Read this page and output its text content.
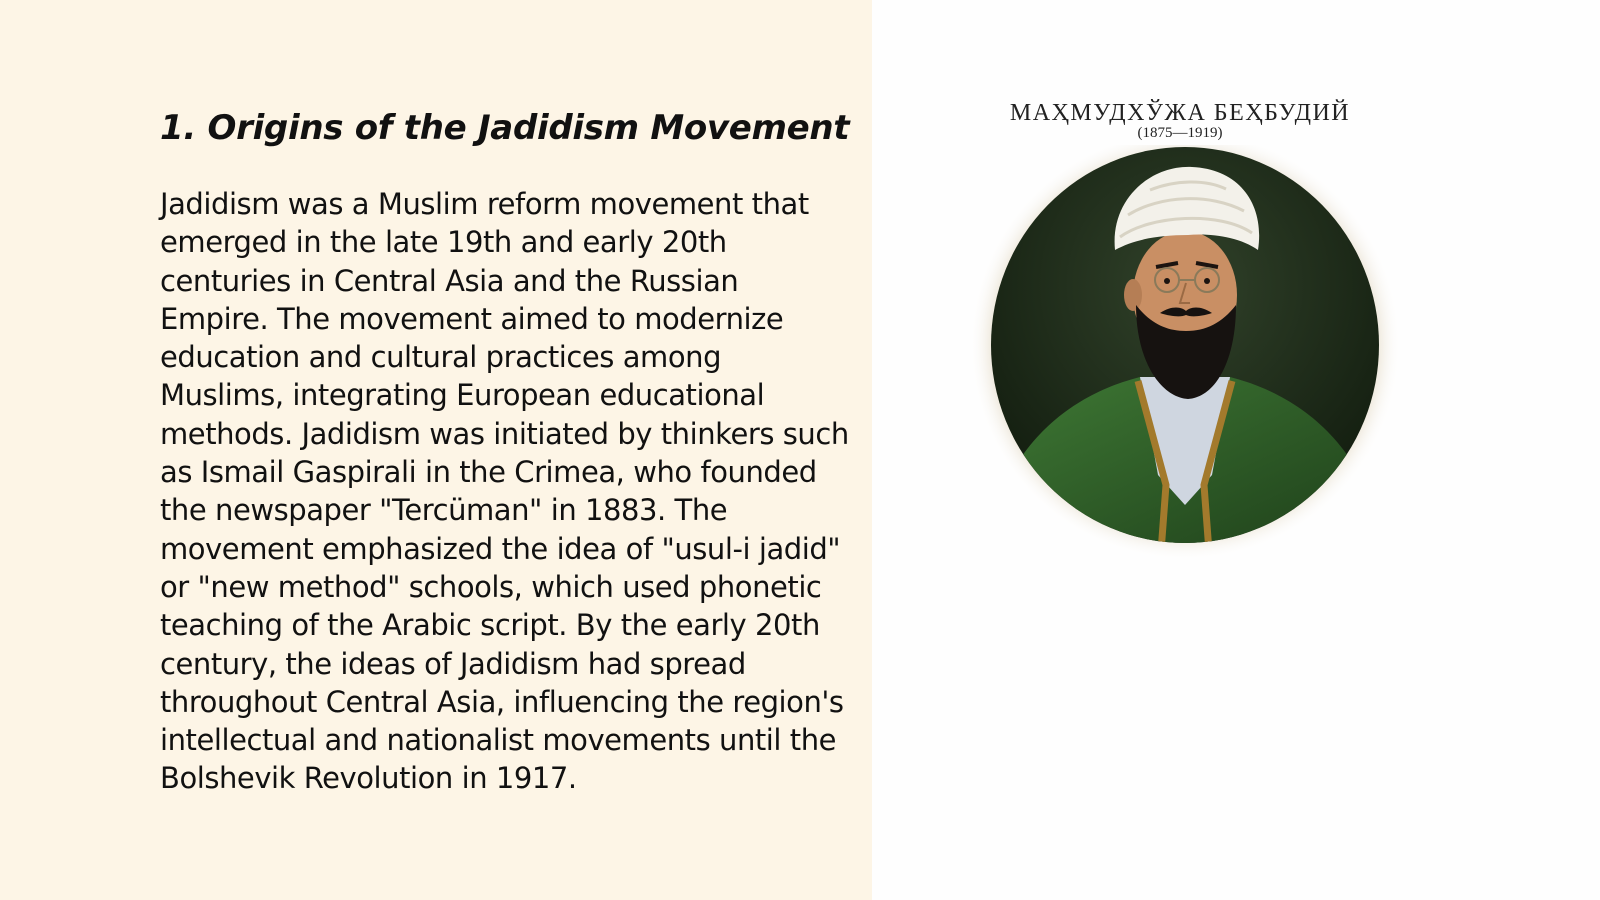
1. Origins of the Jadidism Movement

Jadidism was a Muslim reform movement that emerged in the late 19th and early 20th centuries in Central Asia and the Russian Empire. The movement aimed to modernize education and cultural practices among Muslims, integrating European educational methods. Jadidism was initiated by thinkers such as Ismail Gaspirali in the Crimea, who founded the newspaper "Tercüman" in 1883. The movement emphasized the idea of "usul-i jadid" or "new method" schools, which used phonetic teaching of the Arabic script. By the early 20th century, the ideas of Jadidism had spread throughout Central Asia, influencing the region's intellectual and nationalist movements until the Bolshevik Revolution in 1917.

МАҲМУДХЎЖА БЕҲБУДИЙ
(1875—1919)
